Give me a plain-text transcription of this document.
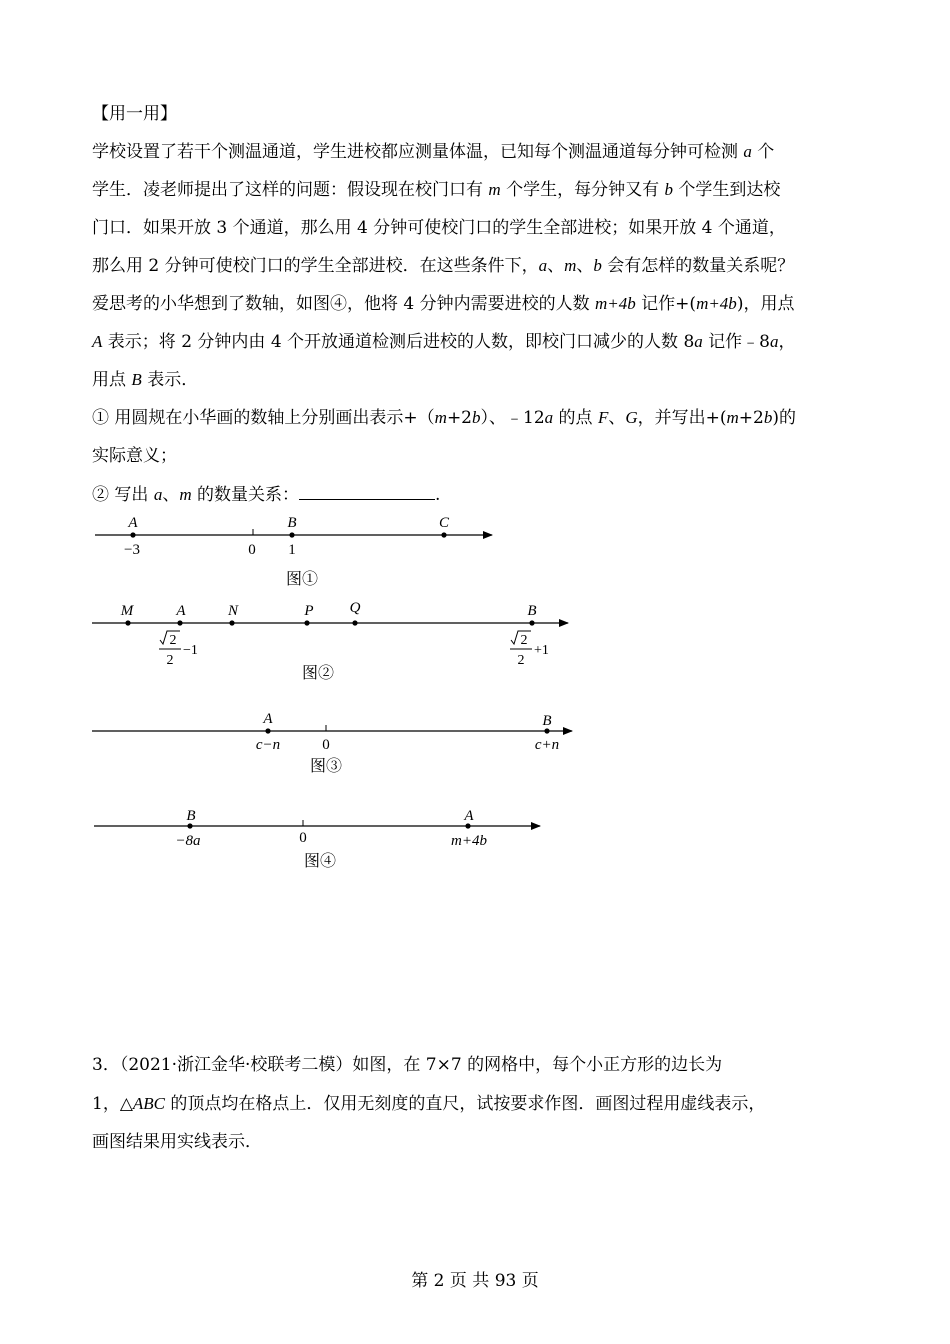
【用一用】
学校设置了若干个测温通道，学生进校都应测量体温，已知每个测温通道每分钟可检测 a 个
学生．凌老师提出了这样的问题：假设现在校门口有 m 个学生，每分钟又有 b 个学生到达校
门口．如果开放 3 个通道，那么用 4 分钟可使校门口的学生全部进校；如果开放 4 个通道，
那么用 2 分钟可使校门口的学生全部进校．在这些条件下，a、m、b 会有怎样的数量关系呢？
爱思考的小华想到了数轴，如图④，他将 4 分钟内需要进校的人数 m+4b 记作+(m+4b)，用点
A 表示；将 2 分钟内由 4 个开放通道检测后进校的人数，即校门口减少的人数 8a 记作﹣8a，
用点 B 表示．
① 用圆规在小华画的数轴上分别画出表示+（m+2b）、﹣12a 的点 F、G，并写出+(m+2b)的
实际意义；
② 写出 a、m 的数量关系：	.
A	B	C
−3	0 1
图①
M	A	N	P Q	B
2
2
−1
2
2
+1
图②
A	B
c−n	0	c+n
图③
B	A
−8a	0	m+4b
图④
3．（2021·浙江金华·校联考二模）如图，在 7×7 的网格中，每个小正方形的边长为
1，△ABC 的顶点均在格点上．仅用无刻度的直尺，试按要求作图．画图过程用虚线表示，
画图结果用实线表示．
第 2 页 共 93 页
